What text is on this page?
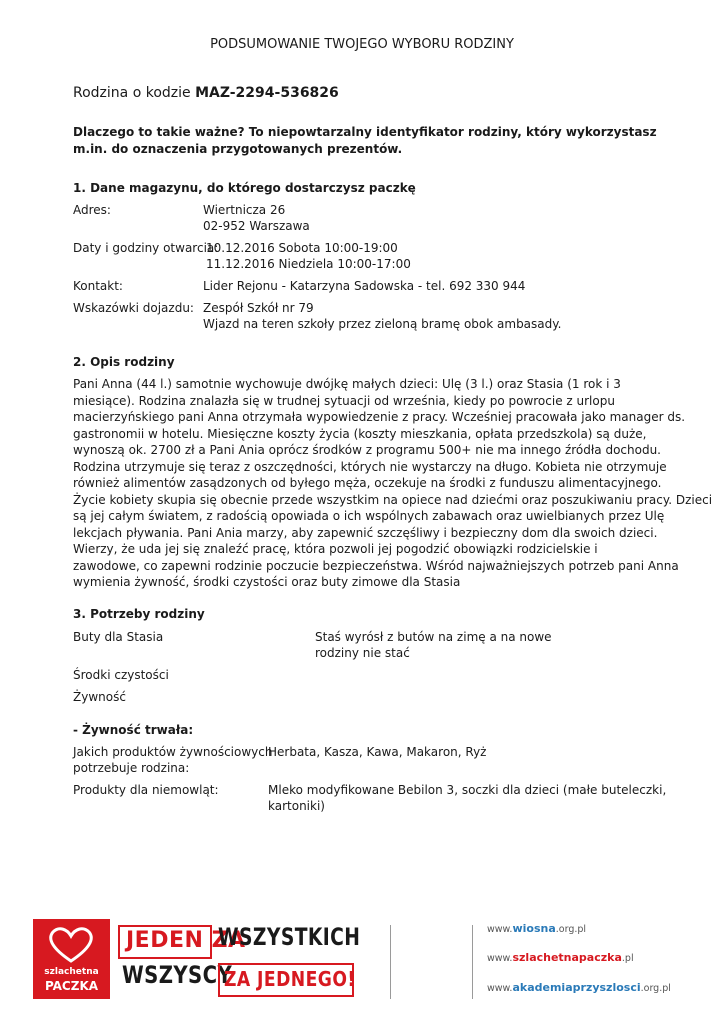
PODSUMOWANIE TWOJEGO WYBORU RODZINY
Rodzina o kodzie MAZ-2294-536826
Dlaczego to takie ważne? To niepowtarzalny identyfikator rodziny, który wykorzystasz m.in. do oznaczenia przygotowanych prezentów.
1. Dane magazynu, do którego dostarczysz paczkę
Adres:	Wiertnicza 26
02-952 Warszawa
Daty i godziny otwarcia:
10.12.2016 Sobota 10:00-19:00
11.12.2016 Niedziela 10:00-17:00
Kontakt:	Lider Rejonu - Katarzyna Sadowska - tel. 692 330 944
Wskazówki dojazdu: Zespół Szkół nr 79
Wjazd na teren szkoły przez zieloną bramę obok ambasady.
2. Opis rodziny
Pani Anna (44 l.) samotnie wychowuje dwójkę małych dzieci: Ulę (3 l.) oraz Stasia (1 rok i 3
miesiące). Rodzina znalazła się w trudnej sytuacji od września, kiedy po powrocie z urlopu
macierzyńskiego pani Anna otrzymała wypowiedzenie z pracy. Wcześniej pracowała jako manager ds.
gastronomii w hotelu. Miesięczne koszty życia (koszty mieszkania, opłata przedszkola) są duże,
wynoszą ok. 2700 zł a Pani Ania oprócz środków z programu 500+ nie ma innego źródła dochodu.
Rodzina utrzymuje się teraz z oszczędności, których nie wystarczy na długo. Kobieta nie otrzymuje
również alimentów zasądzonych od byłego męża, oczekuje na środki z funduszu alimentacyjnego.
Życie kobiety skupia się obecnie przede wszystkim na opiece nad dziećmi oraz poszukiwaniu pracy. Dzieci
są jej całym światem, z radością opowiada o ich wspólnych zabawach oraz uwielbianych przez Ulę
lekcjach pływania. Pani Ania marzy, aby zapewnić szczęśliwy i bezpieczny dom dla swoich dzieci.
Wierzy, że uda jej się znaleźć pracę, która pozwoli jej pogodzić obowiązki rodzicielskie i
zawodowe, co zapewni rodzinie poczucie bezpieczeństwa. Wśród najważniejszych potrzeb pani Anna
wymienia żywność, środki czystości oraz buty zimowe dla Stasia
3. Potrzeby rodziny
Buty dla Stasia	Staś wyrósł z butów na zimę a na nowe
rodziny nie stać
Środki czystości
Żywność
- Żywność trwała:
Jakich produktów żywnościowych
potrzebuje rodzina:
Herbata, Kasza, Kawa, Makaron, Ryż
Produkty dla niemowląt:	Mleko modyfikowane Bebilon 3, soczki dla dzieci (małe buteleczki,
kartoniki)
szlachetna
PACZKA
JEDEN ZA
WSZYSTKICH
WSZYSCY
ZA JEDNEGO!
www.wiosna.org.pl
www.szlachetnapaczka.pl
www.akademiaprzyszlosci.org.pl
